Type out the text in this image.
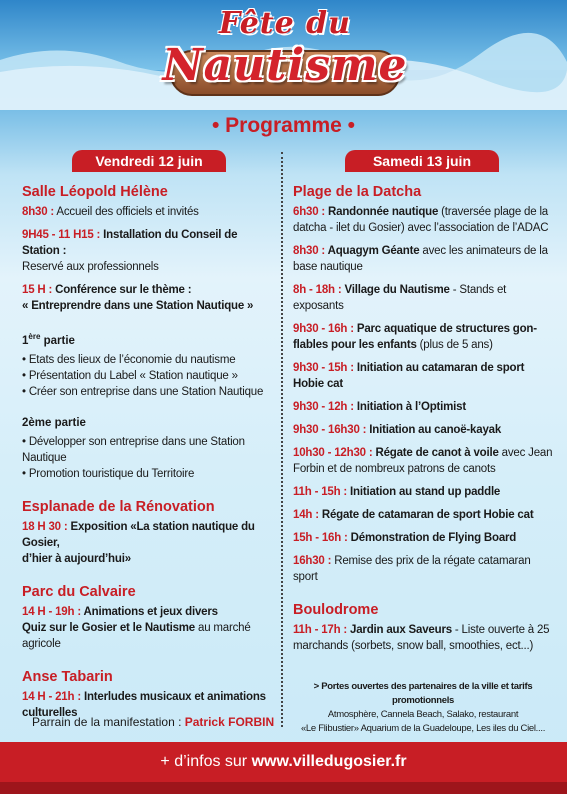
Fête du
Nautisme
• Programme •
Vendredi 12 juin	Samedi 13 juin
Salle Léopold Hélène
8h30 : Accueil des officiels et invités
9H45 - 11 H15 : Installation du Conseil de Station :
Reservé aux professionnels
15 H : Conférence sur le thème :
« Entreprendre dans une Station Nautique »
1ère partie
• Etats des lieux de l’économie du nautisme
• Présentation du Label « Station nautique »
• Créer son entreprise dans une Station Nautique
2ème partie
• Développer son entreprise dans une Station Nautique
• Promotion touristique du Territoire
Esplanade de la Rénovation
18 H 30 : Exposition «La station nautique du Gosier,
d’hier à aujourd’hui»
Parc du Calvaire
14 H - 19h : Animations et jeux divers
Quiz sur le Gosier et le Nautisme au marché agricole
Anse Tabarin
14 H - 21h : Interludes musicaux et animations
culturelles
Parrain de la manifestation : Patrick FORBIN
Plage de la Datcha
6h30 : Randonnée nautique (traversée plage de la datcha - ilet du Gosier) avec l’association de l’ADAC
8h30 : Aquagym Géante avec les animateurs de la base nautique
8h - 18h : Village du Nautisme - Stands et exposants
9h30 - 16h : Parc aquatique de structures gon-flables pour les enfants (plus de 5 ans)
9h30 - 15h : Initiation au catamaran de sport Hobie cat
9h30 - 12h : Initiation à l’Optimist
9h30 - 16h30 : Initiation au canoë-kayak
10h30 - 12h30 : Régate de canot à voile avec Jean Forbin et de nombreux patrons de canots
11h - 15h : Initiation au stand up paddle
14h : Régate de catamaran de sport Hobie cat
15h - 16h : Démonstration de Flying Board
16h30 : Remise des prix de la régate catamaran sport
Boulodrome
11h - 17h : Jardin aux Saveurs - Liste ouverte à 25 marchands (sorbets, snow ball, smoothies, ect...)
> Portes ouvertes des partenaires de la ville et tarifs promotionnels
Atmosphère, Cannela Beach, Salako, restaurant
«Le Flibustier» Aquarium de la Guadeloupe, Les iles du Ciel....
+ d’infos sur www.villedugosier.fr
